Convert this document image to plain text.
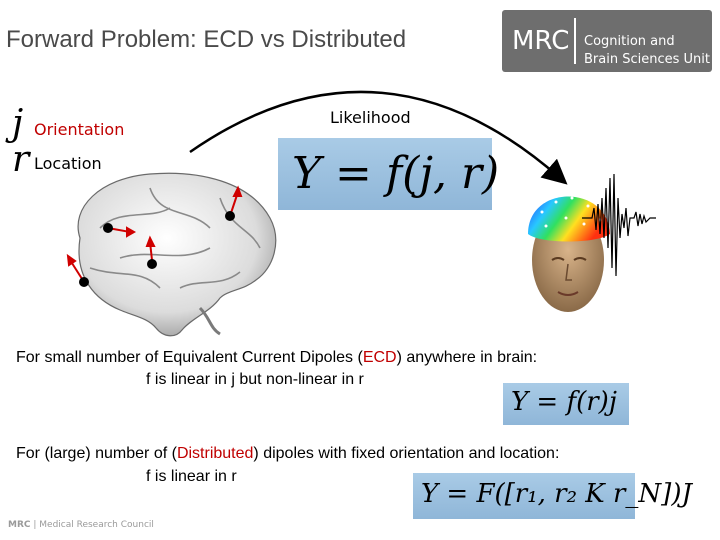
Forward Problem: ECD vs Distributed	MRC Cognition and
Brain Sciences Unit
j Orientation
r Location
Likelihood
Y = f(j, r)
For small number of Equivalent Current Dipoles (ECD) anywhere in brain:
f is linear in j but non-linear in r
Y = f(r)j
For (large) number of (Distributed) dipoles with fixed orientation and location:
f is linear in r
Y = F([r₁, r₂ K r_N])J
MRC | Medical Research Council
